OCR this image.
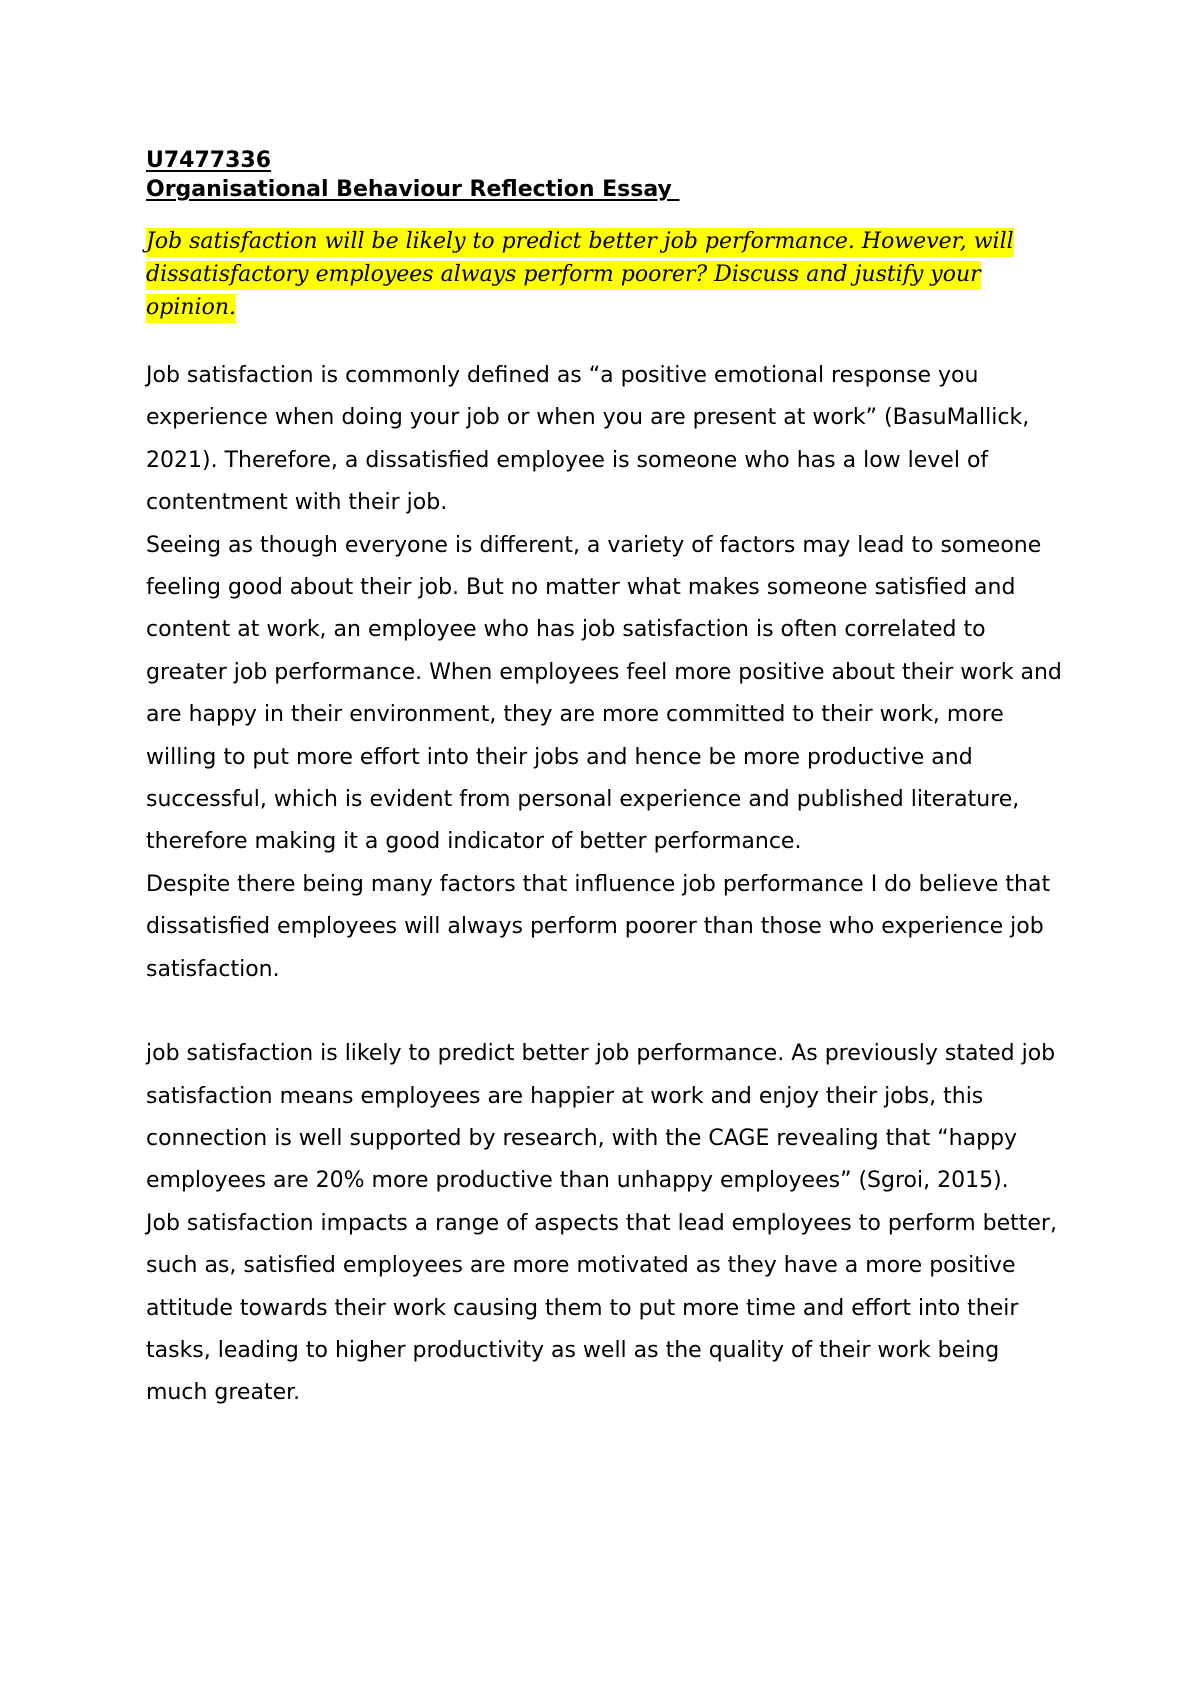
U7477336
Organisational Behaviour Reflection Essay
Job satisfaction will be likely to predict better job performance. However, will dissatisfactory employees always perform poorer? Discuss and justify your opinion.

Job satisfaction is commonly defined as “a positive emotional response you experience when doing your job or when you are present at work” (BasuMallick, 2021). Therefore, a dissatisfied employee is someone who has a low level of contentment with their job.

Seeing as though everyone is different, a variety of factors may lead to someone feeling good about their job. But no matter what makes someone satisfied and content at work, an employee who has job satisfaction is often correlated to greater job performance. When employees feel more positive about their work and are happy in their environment, they are more committed to their work, more willing to put more effort into their jobs and hence be more productive and successful, which is evident from personal experience and published literature, therefore making it a good indicator of better performance.

Despite there being many factors that influence job performance I do believe that dissatisfied employees will always perform poorer than those who experience job satisfaction.

job satisfaction is likely to predict better job performance. As previously stated job satisfaction means employees are happier at work and enjoy their jobs, this connection is well supported by research, with the CAGE revealing that “happy employees are 20% more productive than unhappy employees” (Sgroi, 2015).

Job satisfaction impacts a range of aspects that lead employees to perform better, such as, satisfied employees are more motivated as they have a more positive attitude towards their work causing them to put more time and effort into their tasks, leading to higher productivity as well as the quality of their work being much greater.
